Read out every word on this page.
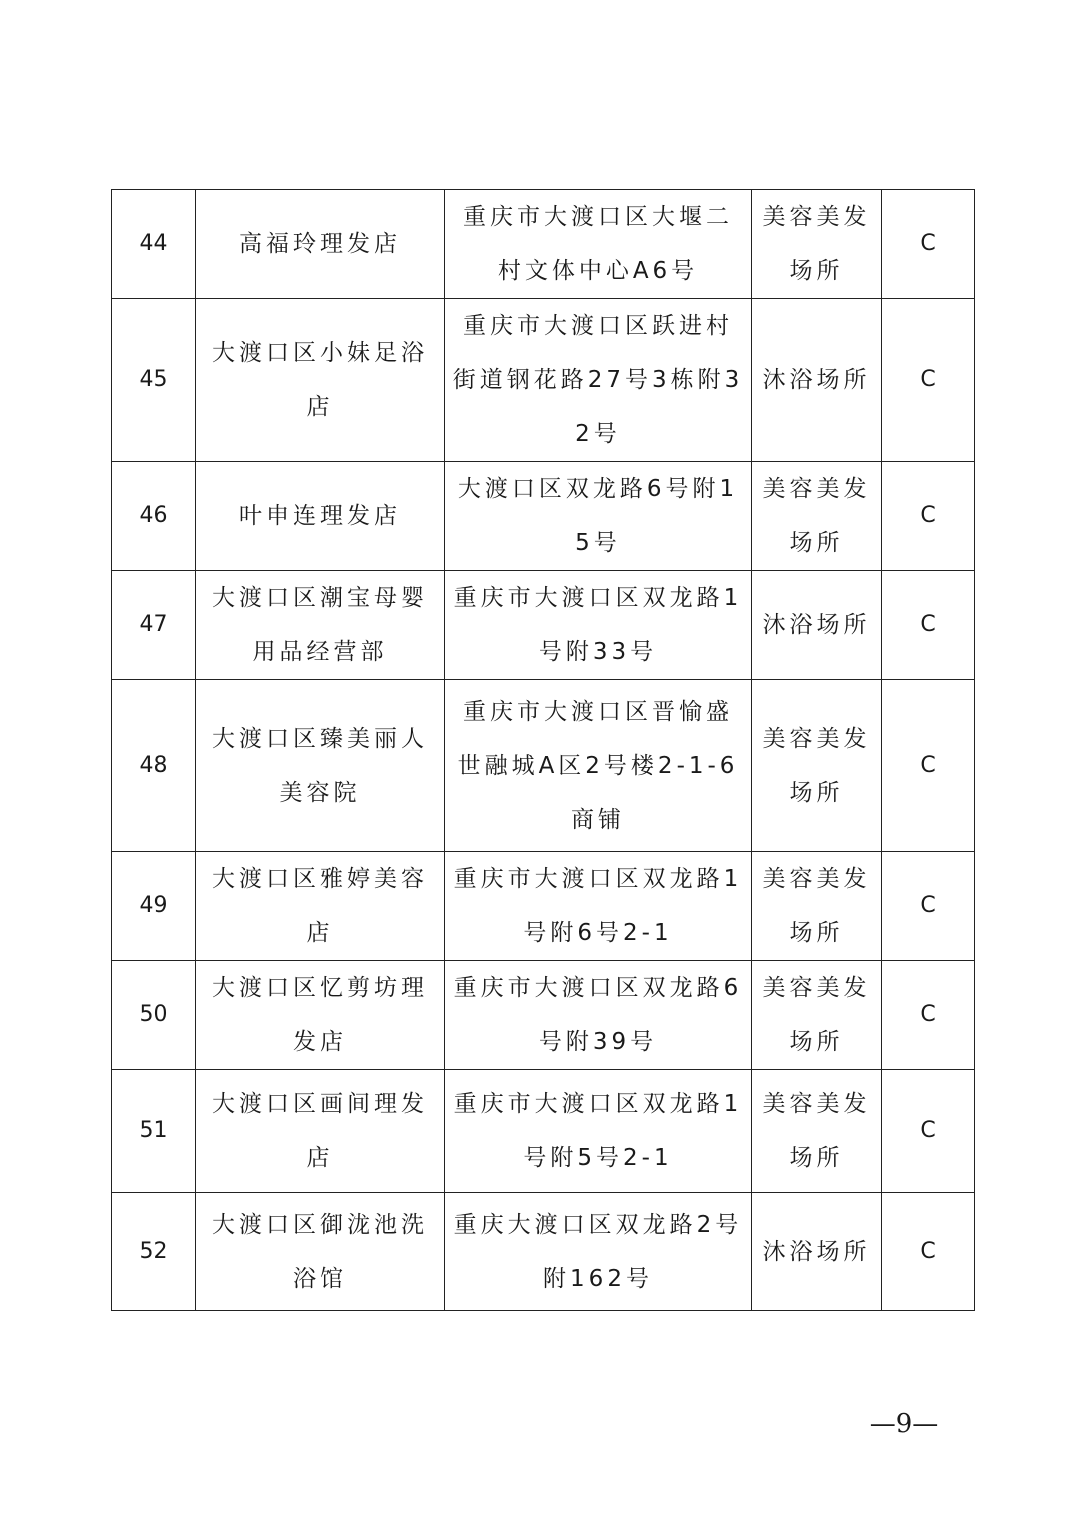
44	高福玲理发店	重庆市大渡口区大堰二村文体中心A6号	美容美发场所	C
45	大渡口区小妹足浴店	重庆市大渡口区跃进村街道钢花路27号3栋附32号	沐浴场所	C
46	叶申连理发店	大渡口区双龙路6号附15号	美容美发场所	C
47	大渡口区潮宝母婴用品经营部	重庆市大渡口区双龙路1号附33号	沐浴场所	C
48	大渡口区臻美丽人美容院	重庆市大渡口区晋愉盛世融城A区2号楼2-1-6商铺	美容美发场所	C
49	大渡口区雅婷美容店	重庆市大渡口区双龙路1号附6号2-1	美容美发场所	C
50	大渡口区忆剪坊理发店	重庆市大渡口区双龙路6号附39号	美容美发场所	C
51	大渡口区画间理发店	重庆市大渡口区双龙路1号附5号2-1	美容美发场所	C
52	大渡口区御泷池洗浴馆	重庆大渡口区双龙路2号附162号	沐浴场所	C
—9—
